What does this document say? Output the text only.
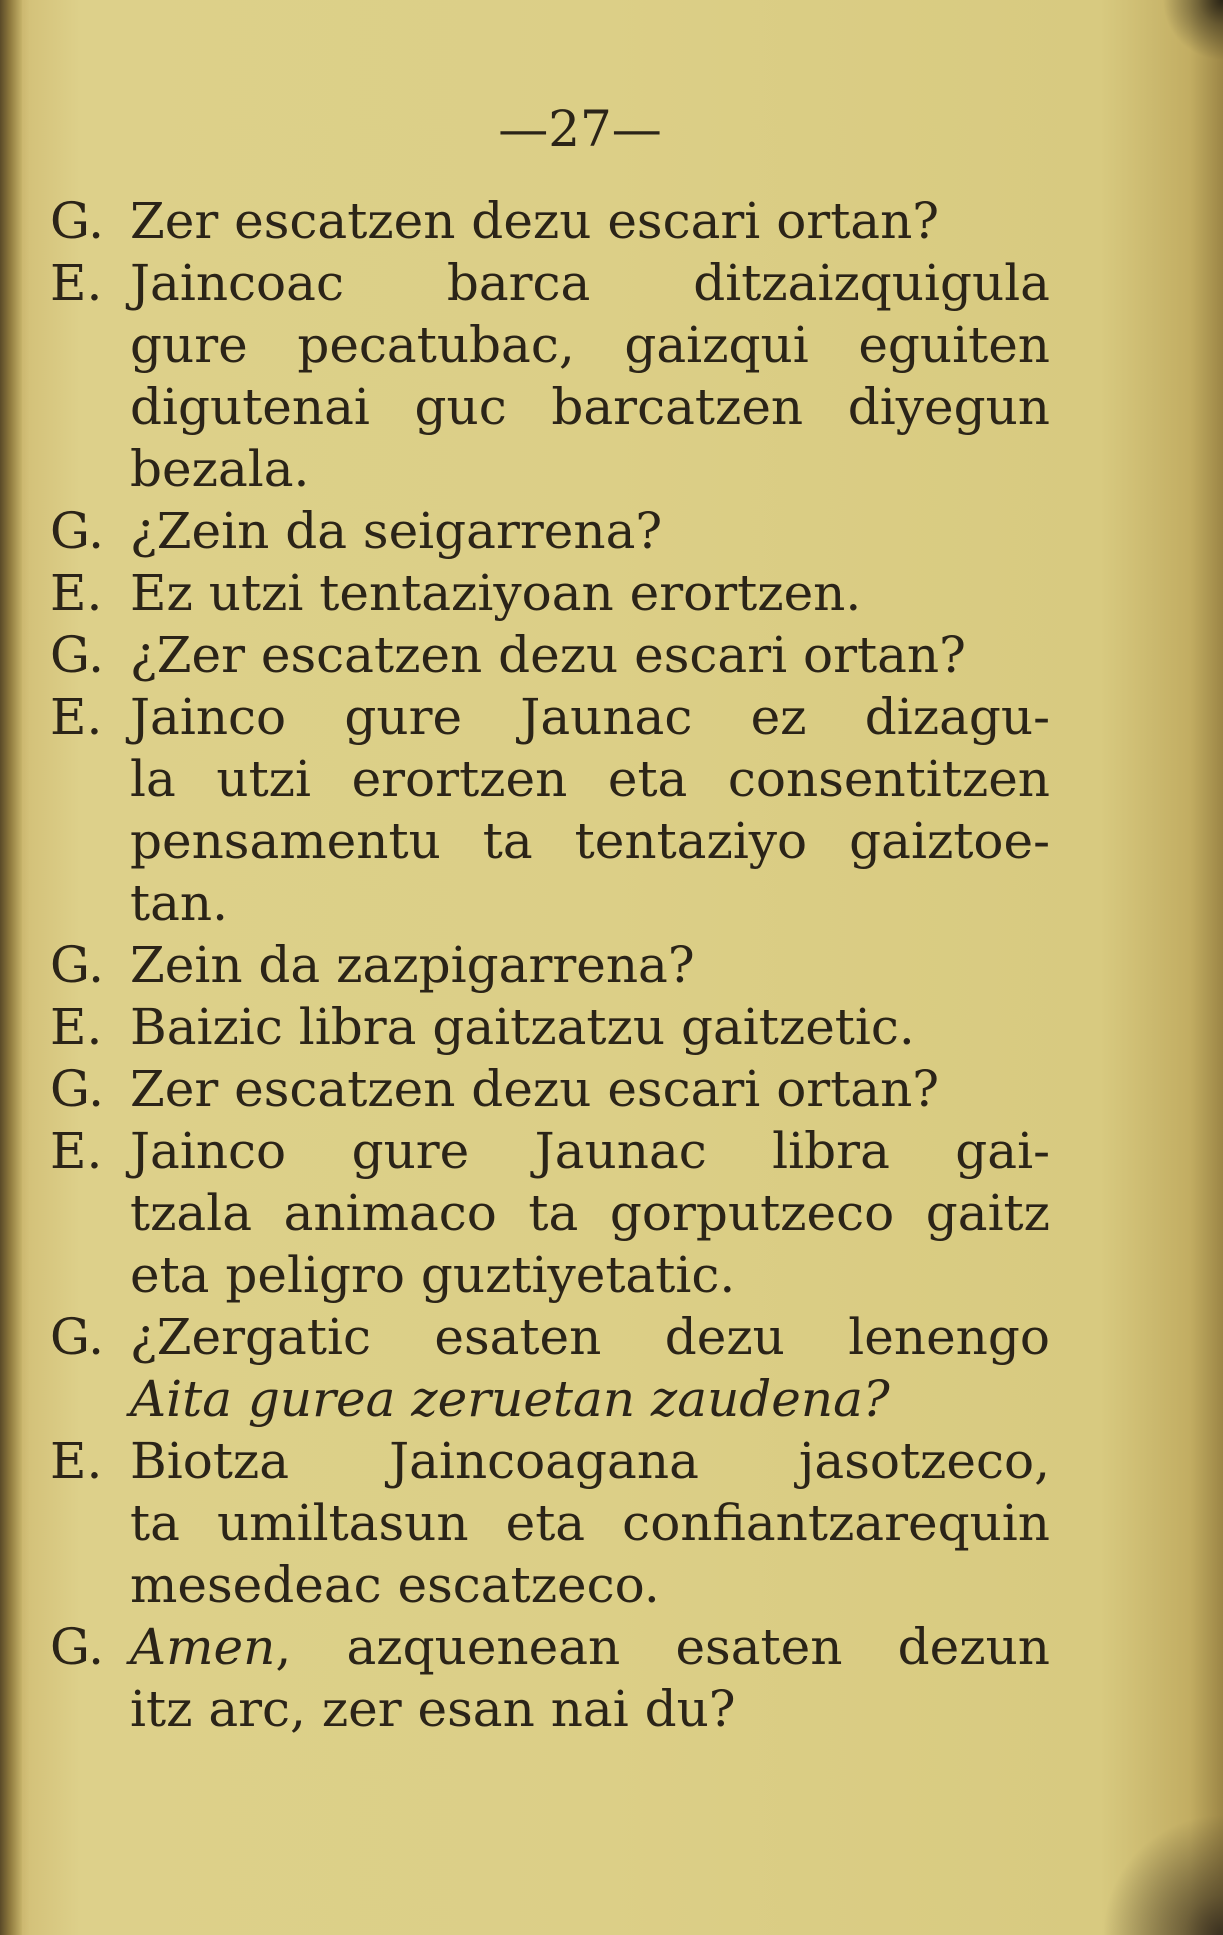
—27—
G. Zer escatzen dezu escari ortan?
E. Jaincoac barca ditzaizquigula
gure pecatubac, gaizqui eguiten
digutenai guc barcatzen diyegun
bezala.
G. ¿Zein da seigarrena?
E. Ez utzi tentaziyoan erortzen.
G. ¿Zer escatzen dezu escari ortan?
E. Jainco gure Jaunac ez dizagu-
la utzi erortzen eta consentitzen
pensamentu ta tentaziyo gaiztoe-
tan.
G. Zein da zazpigarrena?
E. Baizic libra gaitzatzu gaitzetic.
G. Zer escatzen dezu escari ortan?
E. Jainco gure Jaunac libra gai-
tzala animaco ta gorputzeco gaitz
eta peligro guztiyetatic.
G. ¿Zergatic esaten dezu lenengo
Aita gurea zeruetan zaudena?
E. Biotza Jaincoagana jasotzeco,
ta umiltasun eta confiantzarequin
mesedeac escatzeco.
G. Amen, azquenean esaten dezun
itz arc, zer esan nai du?
